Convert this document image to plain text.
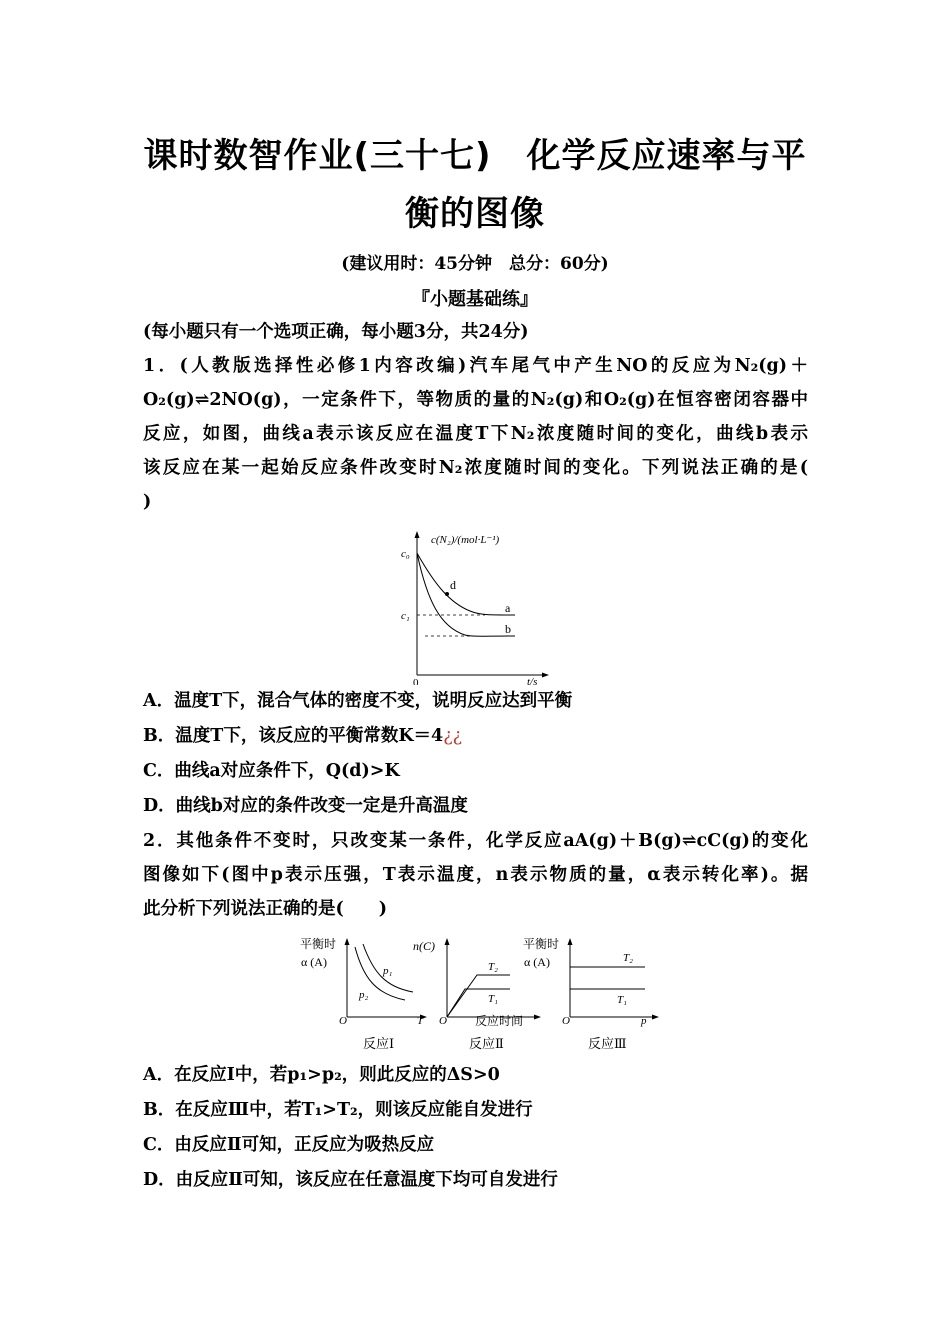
课时数智作业(三十七)　化学反应速率与平
衡的图像
(建议用时：45分钟　总分：60分)
『小题基础练』
(每小题只有一个选项正确，每小题3分，共24分)
1．(人教版选择性必修1内容改编)汽车尾气中产生NO的反应为N₂(g)＋
O₂(g)⇌2NO(g)，一定条件下，等物质的量的N₂(g)和O₂(g)在恒容密闭容器中
反应，如图，曲线a表示该反应在温度T下N₂浓度随时间的变化，曲线b表示
该反应在某一起始反应条件改变时N₂浓度随时间的变化。下列说法正确的是(
)
d
a
b
c(N₂)/(mol·L⁻¹)
c₀
c₁
0	t/s
A．温度T下，混合气体的密度不变，说明反应达到平衡
B．温度T下，该反应的平衡常数K＝4¿¿
C．曲线a对应条件下，Q(d)>K
D．曲线b对应的条件改变一定是升高温度
2．其他条件不变时，只改变某一条件，化学反应aA(g)＋B(g)⇌cC(g)的变化
图像如下(图中p表示压强，T表示温度，n表示物质的量，α表示转化率)。据
此分析下列说法正确的是(　　)
平衡时
α (A)
p₁
p₂
O	T
反应Ⅰ
n(C)
T₂
T₁
O 反应时间
反应Ⅱ
平衡时
α (A)	T₂
T₁
O	p
反应Ⅲ
A．在反应Ⅰ中，若p₁>p₂，则此反应的ΔS>0
B．在反应Ⅲ中，若T₁>T₂，则该反应能自发进行
C．由反应Ⅱ可知，正反应为吸热反应
D．由反应Ⅱ可知，该反应在任意温度下均可自发进行
